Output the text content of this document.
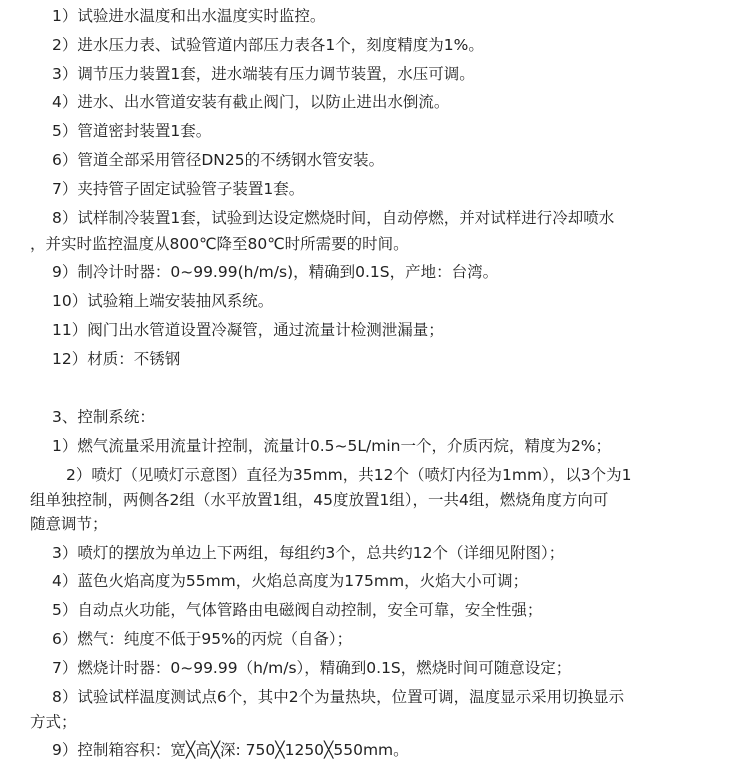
1）试验进水温度和出水温度实时监控。
2）进水压力表、试验管道内部压力表各1个，刻度精度为1%。
3）调节压力装置1套，进水端装有压力调节装置，水压可调。
4）进水、出水管道安装有截止阀门，以防止进出水倒流。
5）管道密封装置1套。
6）管道全部采用管径DN25的不绣钢水管安装。
7）夹持管子固定试验管子装置1套。
8）试样制冷装置1套，试验到达设定燃烧时间，自动停燃，并对试样进行冷却喷水
，并实时监控温度从800℃降至80℃时所需要的时间。
9）制冷计时器：0~99.99(h/m/s)，精确到0.1S，产地：台湾。
10）试验箱上端安装抽风系统。
11）阀门出水管道设置冷凝管，通过流量计检测泄漏量；
12）材质：不锈钢
3、控制系统：
1）燃气流量采用流量计控制，流量计0.5~5L/min一个，介质丙烷，精度为2%；
2）喷灯（见喷灯示意图）直径为35mm，共12个（喷灯内径为1mm），以3个为1
组单独控制，两侧各2组（水平放置1组，45度放置1组），一共4组，燃烧角度方向可
随意调节；
3）喷灯的摆放为单边上下两组，每组约3个，总共约12个（详细见附图）；
4）蓝色火焰高度为55mm，火焰总高度为175mm，火焰大小可调；
5）自动点火功能，气体管路由电磁阀自动控制，安全可靠，安全性强；
6）燃气：纯度不低于95%的丙烷（自备）；
7）燃烧计时器：0~99.99（h/m/s），精确到0.1S，燃烧时间可随意设定；
8）试验试样温度测试点6个，其中2个为量热块，位置可调，温度显示采用切换显示
方式；
9）控制箱容积：宽╳高╳深: 750╳1250╳550mm。
